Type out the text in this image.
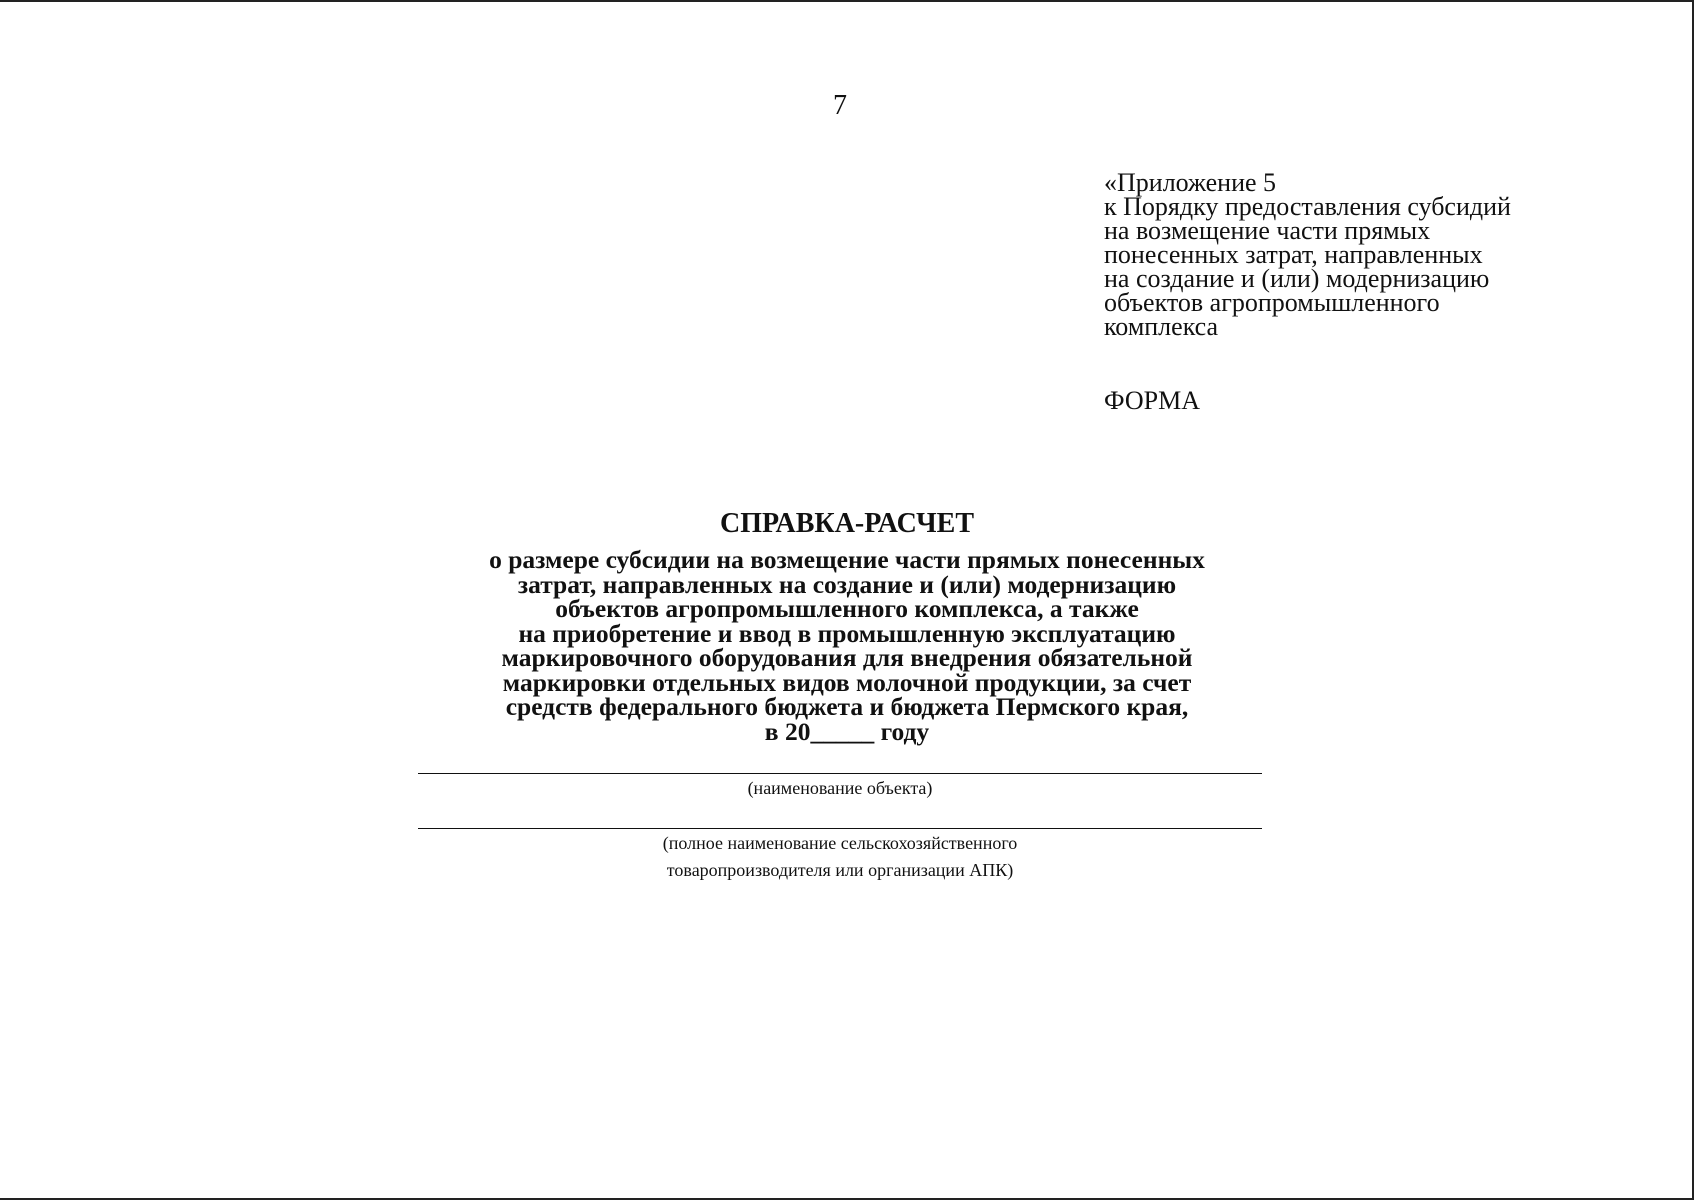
7
«Приложение 5
к Порядку предоставления субсидий
на возмещение части прямых
понесенных затрат, направленных
на создание и (или) модернизацию
объектов агропромышленного
комплекса
ФОРМА
СПРАВКА-РАСЧЕТ
о размере субсидии на возмещение части прямых понесенных
затрат, направленных на создание и (или) модернизацию
объектов агропромышленного комплекса, а также
на приобретение и ввод в промышленную эксплуатацию
маркировочного оборудования для внедрения обязательной
маркировки отдельных видов молочной продукции, за счет
средств федерального бюджета и бюджета Пермского края,
в 20_____ году
(наименование объекта)
(полное наименование сельскохозяйственного
товаропроизводителя или организации АПК)
